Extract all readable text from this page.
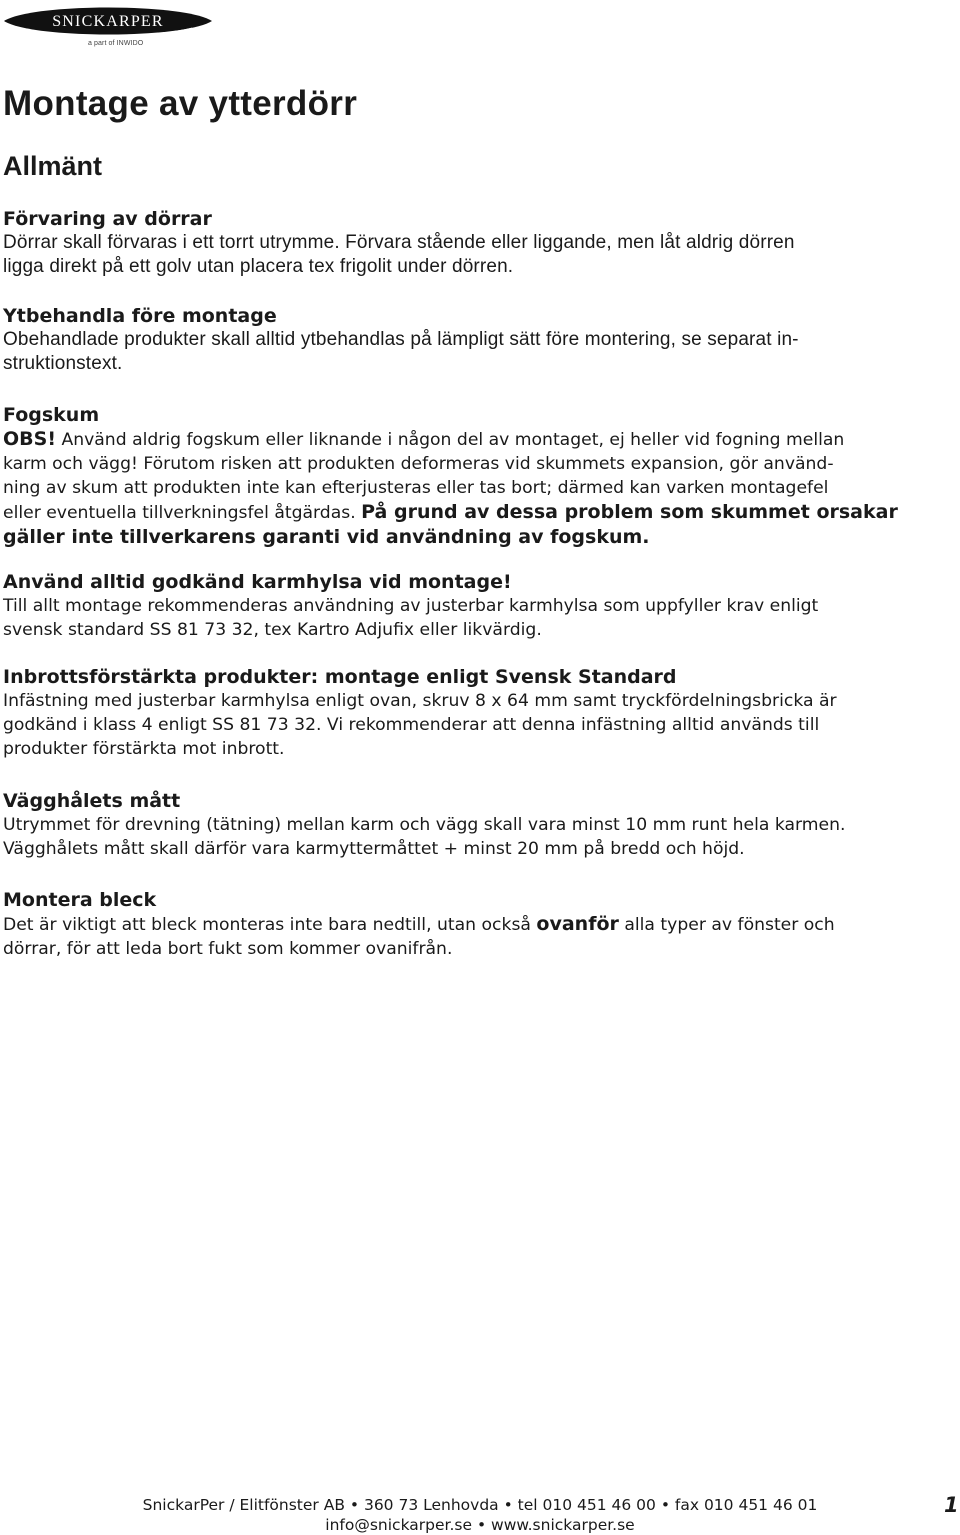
SNICKARPER
a part of INWIDO
Montage av ytterdörr
Allmänt
Förvaring av dörrar

Dörrar skall förvaras i ett torrt utrymme. Förvara stående eller liggande, men låt aldrig dörren
ligga direkt på ett golv utan placera tex frigolit under dörren.

Ytbehandla före montage

Obehandlade produkter skall alltid ytbehandlas på lämpligt sätt före montering, se separat in-
struktionstext.

Fogskum

OBS! Använd aldrig fogskum eller liknande i någon del av montaget, ej heller vid fogning mellan
karm och vägg! Förutom risken att produkten deformeras vid skummets expansion, gör använd-
ning av skum att produkten inte kan efterjusteras eller tas bort; därmed kan varken montagefel
eller eventuella tillverkningsfel åtgärdas. På grund av dessa problem som skummet orsakar
gäller inte tillverkarens garanti vid användning av fogskum.

Använd alltid godkänd karmhylsa vid montage!

Till allt montage rekommenderas användning av justerbar karmhylsa som uppfyller krav enligt
svensk standard SS 81 73 32, tex Kartro Adjufix eller likvärdig.

Inbrottsförstärkta produkter: montage enligt Svensk Standard

Infästning med justerbar karmhylsa enligt ovan, skruv 8 x 64 mm samt tryckfördelningsbricka är
godkänd i klass 4 enligt SS 81 73 32. Vi rekommenderar att denna infästning alltid används till
produkter förstärkta mot inbrott.

Vägghålets mått

Utrymmet för drevning (tätning) mellan karm och vägg skall vara minst 10 mm runt hela karmen.
Vägghålets mått skall därför vara karmyttermåttet + minst 20 mm på bredd och höjd.

Montera bleck

Det är viktigt att bleck monteras inte bara nedtill, utan också ovanför alla typer av fönster och
dörrar, för att leda bort fukt som kommer ovanifrån.

SnickarPer / Elitfönster AB • 360 73 Lenhovda • tel 010 451 46 00 • fax 010 451 46 01
info@snickarper.se • www.snickarper.se
1
